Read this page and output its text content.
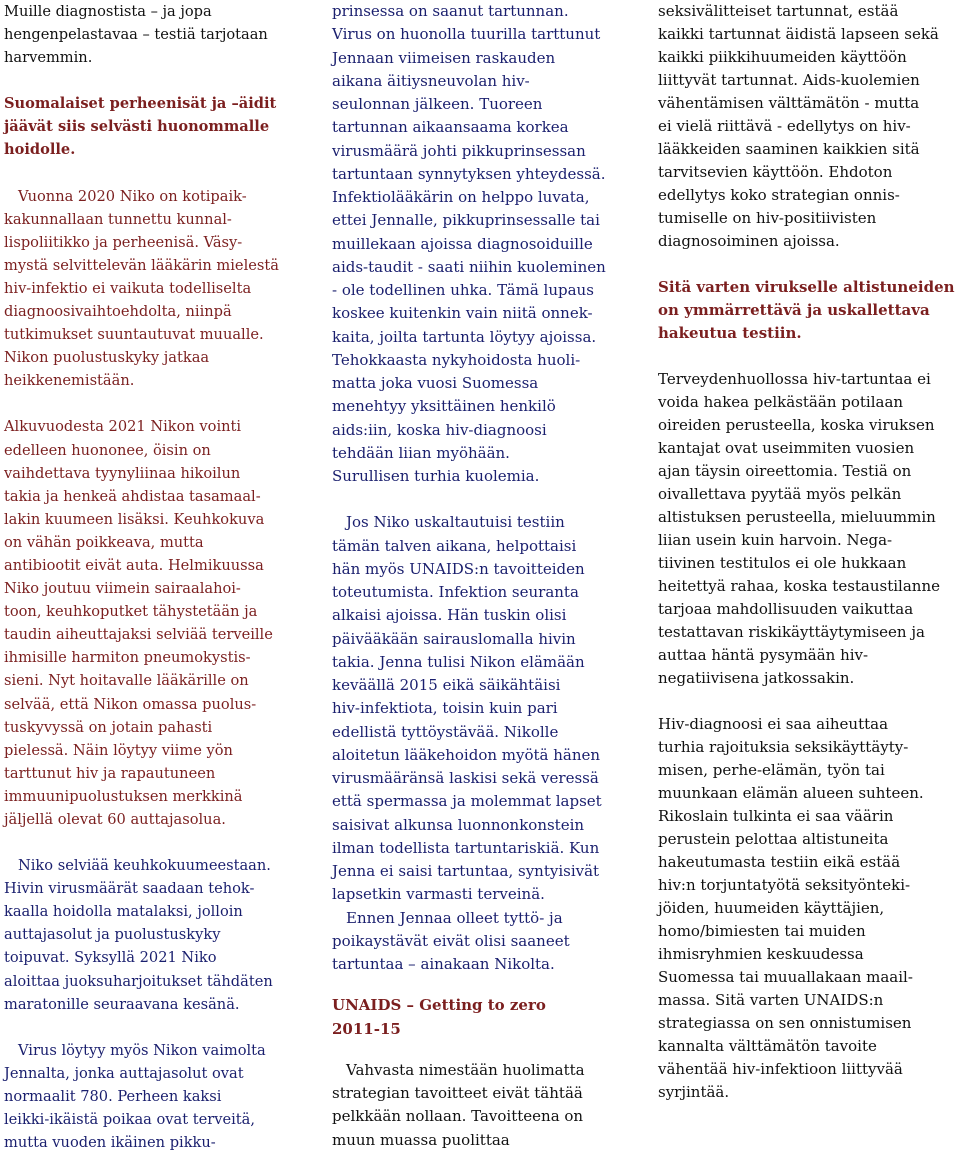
Muille diagnostista – ja jopa
hengenpelastavaa – testiä tarjotaan
harvemmin.

Suomalaiset perheenisät ja –äidit
jäävät siis selvästi huonommalle
hoidolle.

Vuonna 2020 Niko on kotipaik-
kakunnallaan tunnettu kunnal-
lispoliitikko ja perheenisä. Väsy-
mystä selvittelevän lääkärin mielestä
hiv-infektio ei vaikuta todelliselta
diagnoosivaihtoehdolta, niinpä
tutkimukset suuntautuvat muualle.
Nikon puolustuskyky jatkaa
heikkenemistään.

Alkuvuodesta 2021 Nikon vointi
edelleen huononee, öisin on
vaihdettava tyynyliinaa hikoilun
takia ja henkeä ahdistaa tasamaal-
lakin kuumeen lisäksi. Keuhkokuva
on vähän poikkeava, mutta
antibiootit eivät auta. Helmikuussa
Niko joutuu viimein sairaalahoi-
toon, keuhkoputket tähystetään ja
taudin aiheuttajaksi selviää terveille
ihmisille harmiton pneumokystis-
sieni. Nyt hoitavalle lääkärille on
selvää, että Nikon omassa puolus-
tuskyvyssä on jotain pahasti
pielessä. Näin löytyy viime yön
tarttunut hiv ja rapautuneen
immuunipuolustuksen merkkinä
jäljellä olevat 60 auttajasolua.

Niko selviää keuhkokuumeestaan.
Hivin virusmäärät saadaan tehok-
kaalla hoidolla matalaksi, jolloin
auttajasolut ja puolustuskyky
toipuvat. Syksyllä 2021 Niko
aloittaa juoksuharjoitukset tähdäten
maratonille seuraavana kesänä.

Virus löytyy myös Nikon vaimolta
Jennalta, jonka auttajasolut ovat
normaalit 780. Perheen kaksi
leikki-ikäistä poikaa ovat terveitä,
mutta vuoden ikäinen pikku-

prinsessa on saanut tartunnan.
Virus on huonolla tuurilla tarttunut
Jennaan viimeisen raskauden
aikana äitiysneuvolan hiv-
seulonnan jälkeen. Tuoreen
tartunnan aikaansaama korkea
virusmäärä johti pikkuprinsessan
tartuntaan synnytyksen yhteydessä.
Infektiolääkärin on helppo luvata,
ettei Jennalle, pikkuprinsessalle tai
muillekaan ajoissa diagnosoiduille
aids-taudit - saati niihin kuoleminen
- ole todellinen uhka. Tämä lupaus
koskee kuitenkin vain niitä onnek-
kaita, joilta tartunta löytyy ajoissa.
Tehokkaasta nykyhoidosta huoli-
matta joka vuosi Suomessa
menehtyy yksittäinen henkilö
aids:iin, koska hiv-diagnoosi
tehdään liian myöhään.
Surullisen turhia kuolemia.

Jos Niko uskaltautuisi testiin
tämän talven aikana, helpottaisi
hän myös UNAIDS:n tavoitteiden
toteutumista. Infektion seuranta
alkaisi ajoissa. Hän tuskin olisi
päivääkään sairauslomalla hivin
takia. Jenna tulisi Nikon elämään
keväällä 2015 eikä säikähtäisi
hiv-infektiota, toisin kuin pari
edellistä tyttöystävää. Nikolle
aloitetun lääkehoidon myötä hänen
virusmääränsä laskisi sekä veressä
että spermassa ja molemmat lapset
saisivat alkunsa luonnonkonstein
ilman todellista tartuntariskiä. Kun
Jenna ei saisi tartuntaa, syntyisivät
lapsetkin varmasti terveinä.

Ennen Jennaa olleet tyttö- ja
poikaystävät eivät olisi saaneet
tartuntaa – ainakaan Nikolta.

UNAIDS – Getting to zero
2011-15

Vahvasta nimestään huolimatta
strategian tavoitteet eivät tähtää
pelkkään nollaan. Tavoitteena on
muun muassa puolittaa

seksivälitteiset tartunnat, estää
kaikki tartunnat äidistä lapseen sekä
kaikki piikkihuumeiden käyttöön
liittyvät tartunnat. Aids-kuolemien
vähentämisen välttämätön - mutta
ei vielä riittävä - edellytys on hiv-
lääkkeiden saaminen kaikkien sitä
tarvitsevien käyttöön. Ehdoton
edellytys koko strategian onnis-
tumiselle on hiv-positiivisten
diagnosoiminen ajoissa.

Sitä varten virukselle altistuneiden
on ymmärrettävä ja uskallettava
hakeutua testiin.

Terveydenhuollossa hiv-tartuntaa ei
voida hakea pelkästään potilaan
oireiden perusteella, koska viruksen
kantajat ovat useimmiten vuosien
ajan täysin oireettomia. Testiä on
oivallettava pyytää myös pelkän
altistuksen perusteella, mieluummin
liian usein kuin harvoin. Nega-
tiivinen testitulos ei ole hukkaan
heitettyä rahaa, koska testaustilanne
tarjoaa mahdollisuuden vaikuttaa
testattavan riskikäyttäytymiseen ja
auttaa häntä pysymään hiv-
negatiivisena jatkossakin.

Hiv-diagnoosi ei saa aiheuttaa
turhia rajoituksia seksikäyttäyty-
misen, perhe-elämän, työn tai
muunkaan elämän alueen suhteen.
Rikoslain tulkinta ei saa väärin
perustein pelottaa altistuneita
hakeutumasta testiin eikä estää
hiv:n torjuntatyötä seksityönteki-
jöiden, huumeiden käyttäjien,
homo/bimiesten tai muiden
ihmisryhmien keskuudessa
Suomessa tai muuallakaan maail-
massa. Sitä varten UNAIDS:n
strategiassa on sen onnistumisen
kannalta välttämätön tavoite
vähentää hiv-infektioon liittyvää
syrjintää.
